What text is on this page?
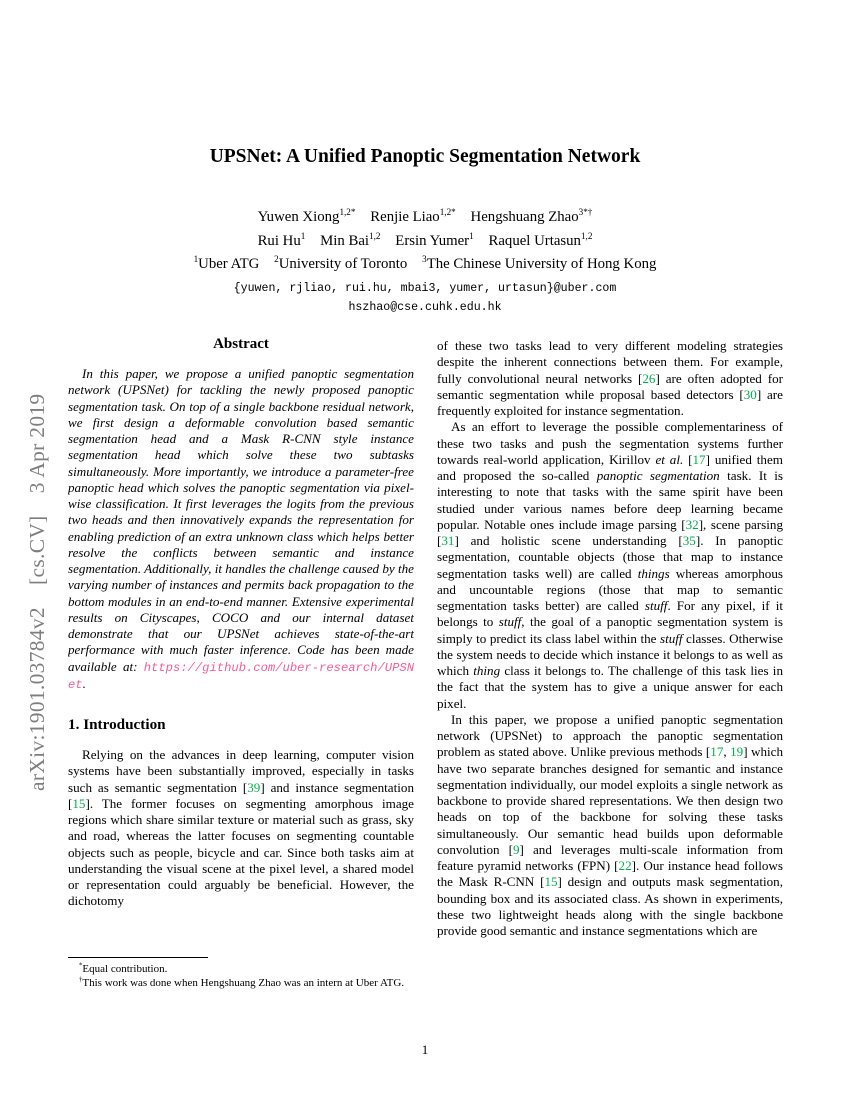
arXiv:1901.03784v2  [cs.CV]  3 Apr 2019
UPSNet: A Unified Panoptic Segmentation Network
Yuwen Xiong$^{1,2*}$   Renjie Liao$^{1,2*}$   Hengshuang Zhao$^{3*\dagger}$
Rui Hu$^1$   Min Bai$^{1,2}$   Ersin Yumer$^1$   Raquel Urtasun$^{1,2}$
$^1$Uber ATG  $^2$University of Toronto  $^3$The Chinese University of Hong Kong
{yuwen, rjliao, rui.hu, mbai3, yumer, urtasun}@uber.com
hszhao@cse.cuhk.edu.hk
Abstract

In this paper, we propose a unified panoptic segmentation network (UPSNet) for tackling the newly proposed panoptic segmentation task. On top of a single backbone residual network, we first design a deformable convolution based semantic segmentation head and a Mask R-CNN style instance segmentation head which solve these two subtasks simultaneously. More importantly, we introduce a parameter-free panoptic head which solves the panoptic segmentation via pixel-wise classification. It first leverages the logits from the previous two heads and then innovatively expands the representation for enabling prediction of an extra unknown class which helps better resolve the conflicts between semantic and instance segmentation. Additionally, it handles the challenge caused by the varying number of instances and permits back propagation to the bottom modules in an end-to-end manner. Extensive experimental results on Cityscapes, COCO and our internal dataset demonstrate that our UPSNet achieves state-of-the-art performance with much faster inference. Code has been made available at: https://github.com/uber-research/UPSNet.

1. Introduction

Relying on the advances in deep learning, computer vision systems have been substantially improved, especially in tasks such as semantic segmentation [39] and instance segmentation [15]. The former focuses on segmenting amorphous image regions which share similar texture or material such as grass, sky and road, whereas the latter focuses on segmenting countable objects such as people, bicycle and car. Since both tasks aim at understanding the visual scene at the pixel level, a shared model or representation could arguably be beneficial. However, the dichotomy

*Equal contribution.

†This work was done when Hengshuang Zhao was an intern at Uber ATG.

of these two tasks lead to very different modeling strategies despite the inherent connections between them. For example, fully convolutional neural networks [26] are often adopted for semantic segmentation while proposal based detectors [30] are frequently exploited for instance segmentation.

As an effort to leverage the possible complementariness of these two tasks and push the segmentation systems further towards real-world application, Kirillov et al. [17] unified them and proposed the so-called panoptic segmentation task. It is interesting to note that tasks with the same spirit have been studied under various names before deep learning became popular. Notable ones include image parsing [32], scene parsing [31] and holistic scene understanding [35]. In panoptic segmentation, countable objects (those that map to instance segmentation tasks well) are called things whereas amorphous and uncountable regions (those that map to semantic segmentation tasks better) are called stuff. For any pixel, if it belongs to stuff, the goal of a panoptic segmentation system is simply to predict its class label within the stuff classes. Otherwise the system needs to decide which instance it belongs to as well as which thing class it belongs to. The challenge of this task lies in the fact that the system has to give a unique answer for each pixel.

In this paper, we propose a unified panoptic segmentation network (UPSNet) to approach the panoptic segmentation problem as stated above. Unlike previous methods [17, 19] which have two separate branches designed for semantic and instance segmentation individually, our model exploits a single network as backbone to provide shared representations. We then design two heads on top of the backbone for solving these tasks simultaneously. Our semantic head builds upon deformable convolution [9] and leverages multi-scale information from feature pyramid networks (FPN) [22]. Our instance head follows the Mask R-CNN [15] design and outputs mask segmentation, bounding box and its associated class. As shown in experiments, these two lightweight heads along with the single backbone provide good semantic and instance segmentations which are

1
